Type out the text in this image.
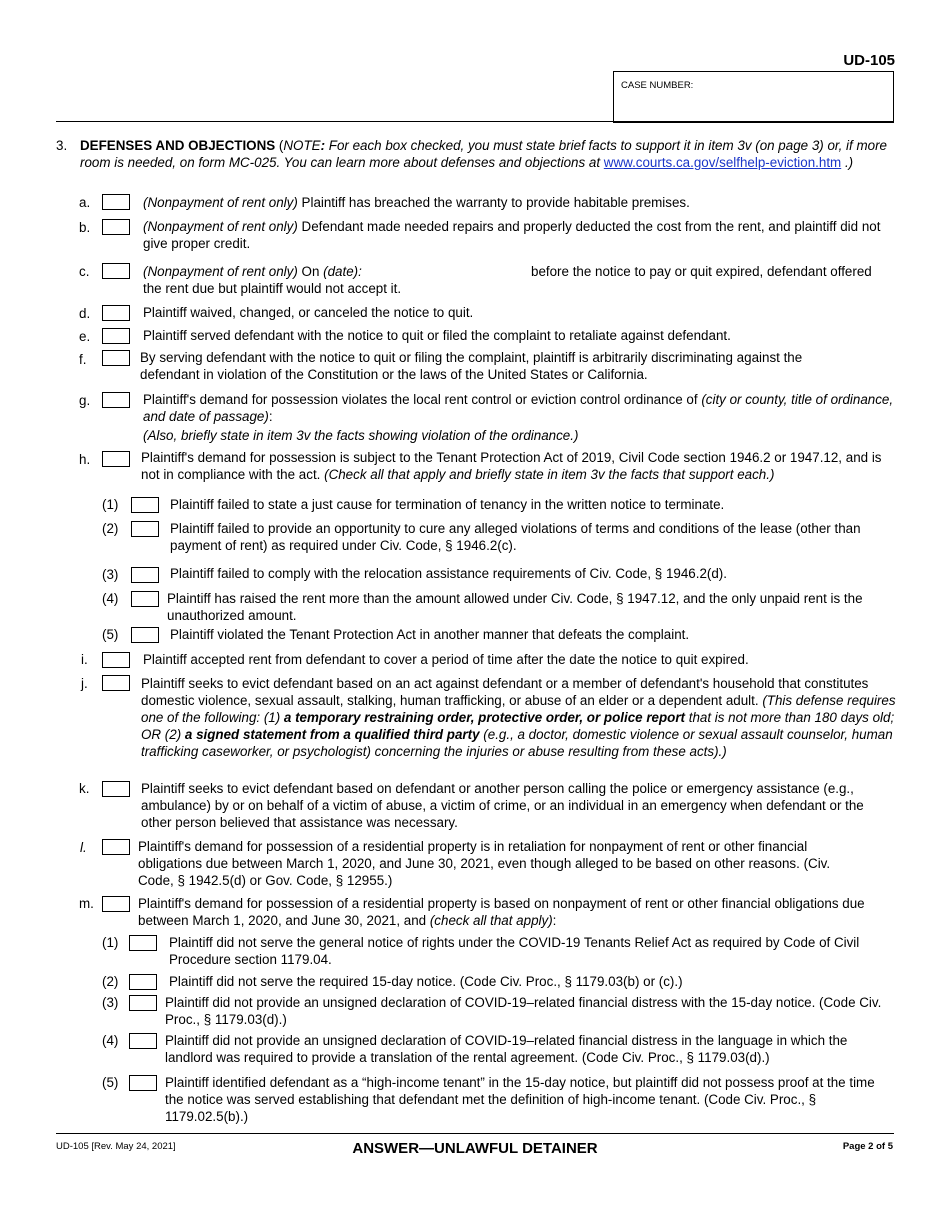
UD-105
CASE NUMBER:
3. DEFENSES AND OBJECTIONS (NOTE: For each box checked, you must state brief facts to support it in item 3v (on page 3) or, if more room is needed, on form MC-025. You can learn more about defenses and objections at www.courts.ca.gov/selfhelp-eviction.htm .)
a.	(Nonpayment of rent only) Plaintiff has breached the warranty to provide habitable premises.
b.	(Nonpayment of rent only) Defendant made needed repairs and properly deducted the cost from the rent, and plaintiff did not give proper credit.
c.	(Nonpayment of rent only) On (date):	before the notice to pay or quit expired, defendant offered
the rent due but plaintiff would not accept it.
d.	Plaintiff waived, changed, or canceled the notice to quit.
e.	Plaintiff served defendant with the notice to quit or filed the complaint to retaliate against defendant.
f.	By serving defendant with the notice to quit or filing the complaint, plaintiff is arbitrarily discriminating against the defendant in violation of the Constitution or the laws of the United States or California.
g.	Plaintiff's demand for possession violates the local rent control or eviction control ordinance of (city or county, title of ordinance, and date of passage):
(Also, briefly state in item 3v the facts showing violation of the ordinance.)
h.	Plaintiff's demand for possession is subject to the Tenant Protection Act of 2019, Civil Code section 1946.2 or 1947.12, and is not in compliance with the act. (Check all that apply and briefly state in item 3v the facts that support each.)
(1)	Plaintiff failed to state a just cause for termination of tenancy in the written notice to terminate.
(2)	Plaintiff failed to provide an opportunity to cure any alleged violations of terms and conditions of the lease (other than payment of rent) as required under Civ. Code, § 1946.2(c).
(3)	Plaintiff failed to comply with the relocation assistance requirements of Civ. Code, § 1946.2(d).
(4)	Plaintiff has raised the rent more than the amount allowed under Civ. Code, § 1947.12, and the only unpaid rent is the unauthorized amount.
(5)	Plaintiff violated the Tenant Protection Act in another manner that defeats the complaint.
i.	Plaintiff accepted rent from defendant to cover a period of time after the date the notice to quit expired.
j.	Plaintiff seeks to evict defendant based on an act against defendant or a member of defendant's household that constitutes domestic violence, sexual assault, stalking, human trafficking, or abuse of an elder or a dependent adult. (This defense requires one of the following: (1) a temporary restraining order, protective order, or police report that is not more than 180 days old; OR (2) a signed statement from a qualified third party (e.g., a doctor, domestic violence or sexual assault counselor, human trafficking caseworker, or psychologist) concerning the injuries or abuse resulting from these acts).)
k.	Plaintiff seeks to evict defendant based on defendant or another person calling the police or emergency assistance (e.g., ambulance) by or on behalf of a victim of abuse, a victim of crime, or an individual in an emergency when defendant or the other person believed that assistance was necessary.
l.	Plaintiff's demand for possession of a residential property is in retaliation for nonpayment of rent or other financial obligations due between March 1, 2020, and June 30, 2021, even though alleged to be based on other reasons. (Civ. Code, § 1942.5(d) or Gov. Code, § 12955.)
m.	Plaintiff's demand for possession of a residential property is based on nonpayment of rent or other financial obligations due between March 1, 2020, and June 30, 2021, and (check all that apply):
(1)	Plaintiff did not serve the general notice of rights under the COVID-19 Tenants Relief Act as required by Code of Civil Procedure section 1179.04.
(2)	Plaintiff did not serve the required 15-day notice. (Code Civ. Proc., § 1179.03(b) or (c).)
(3)	Plaintiff did not provide an unsigned declaration of COVID-19–related financial distress with the 15-day notice. (Code Civ. Proc., § 1179.03(d).)
(4)	Plaintiff did not provide an unsigned declaration of COVID-19–related financial distress in the language in which the landlord was required to provide a translation of the rental agreement. (Code Civ. Proc., § 1179.03(d).)
(5)	Plaintiff identified defendant as a “high-income tenant” in the 15-day notice, but plaintiff did not possess proof at the time the notice was served establishing that defendant met the definition of high-income tenant. (Code Civ. Proc., § 1179.02.5(b).)
UD-105 [Rev. May 24, 2021]	ANSWER—UNLAWFUL DETAINER	Page 2 of 5
